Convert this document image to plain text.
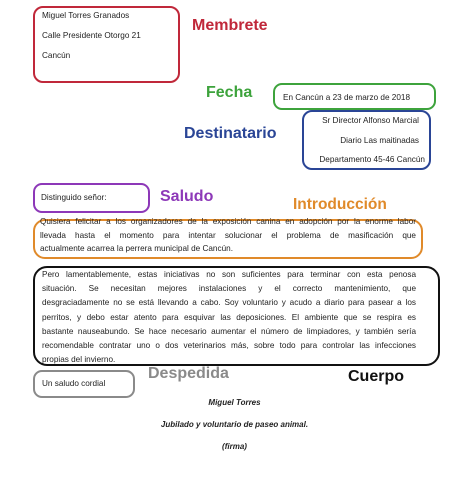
Miguel Torres Granados
Calle Presidente Otorgo 21
Cancún
Membrete
Fecha	En Cancún a 23 de marzo de 2018
Sr Director Alfonso Marcial
Diario Las maitinadas
Departamento 45-46 Cancún
Destinatario
Distinguido señor:	Saludo	Introducción
Quisiera felicitar a los organizadores de la exposición canina en adopción por la enorme labor
llevada hasta el momento para intentar solucionar el problema de masificación que
actualmente acarrea la perrera municipal de Cancún.
Pero lamentablemente, estas iniciativas no son suficientes para terminar con esta penosa
situación. Se necesitan mejores instalaciones y el correcto mantenimiento, que
desgraciadamente no se está llevando a cabo. Soy voluntario y acudo a diario para pasear a los
perritos, y debo estar atento para esquivar las deposiciones. El ambiente que se respira es
bastante nauseabundo. Se hace necesario aumentar el número de limpiadores, y también sería
recomendable contratar uno o dos veterinarios más, sobre todo para controlar las infecciones
propias del invierno.
Cuerpo
Un saludo cordial
Despedida
Miguel Torres
Jubilado y voluntario de paseo animal.
(firma)
